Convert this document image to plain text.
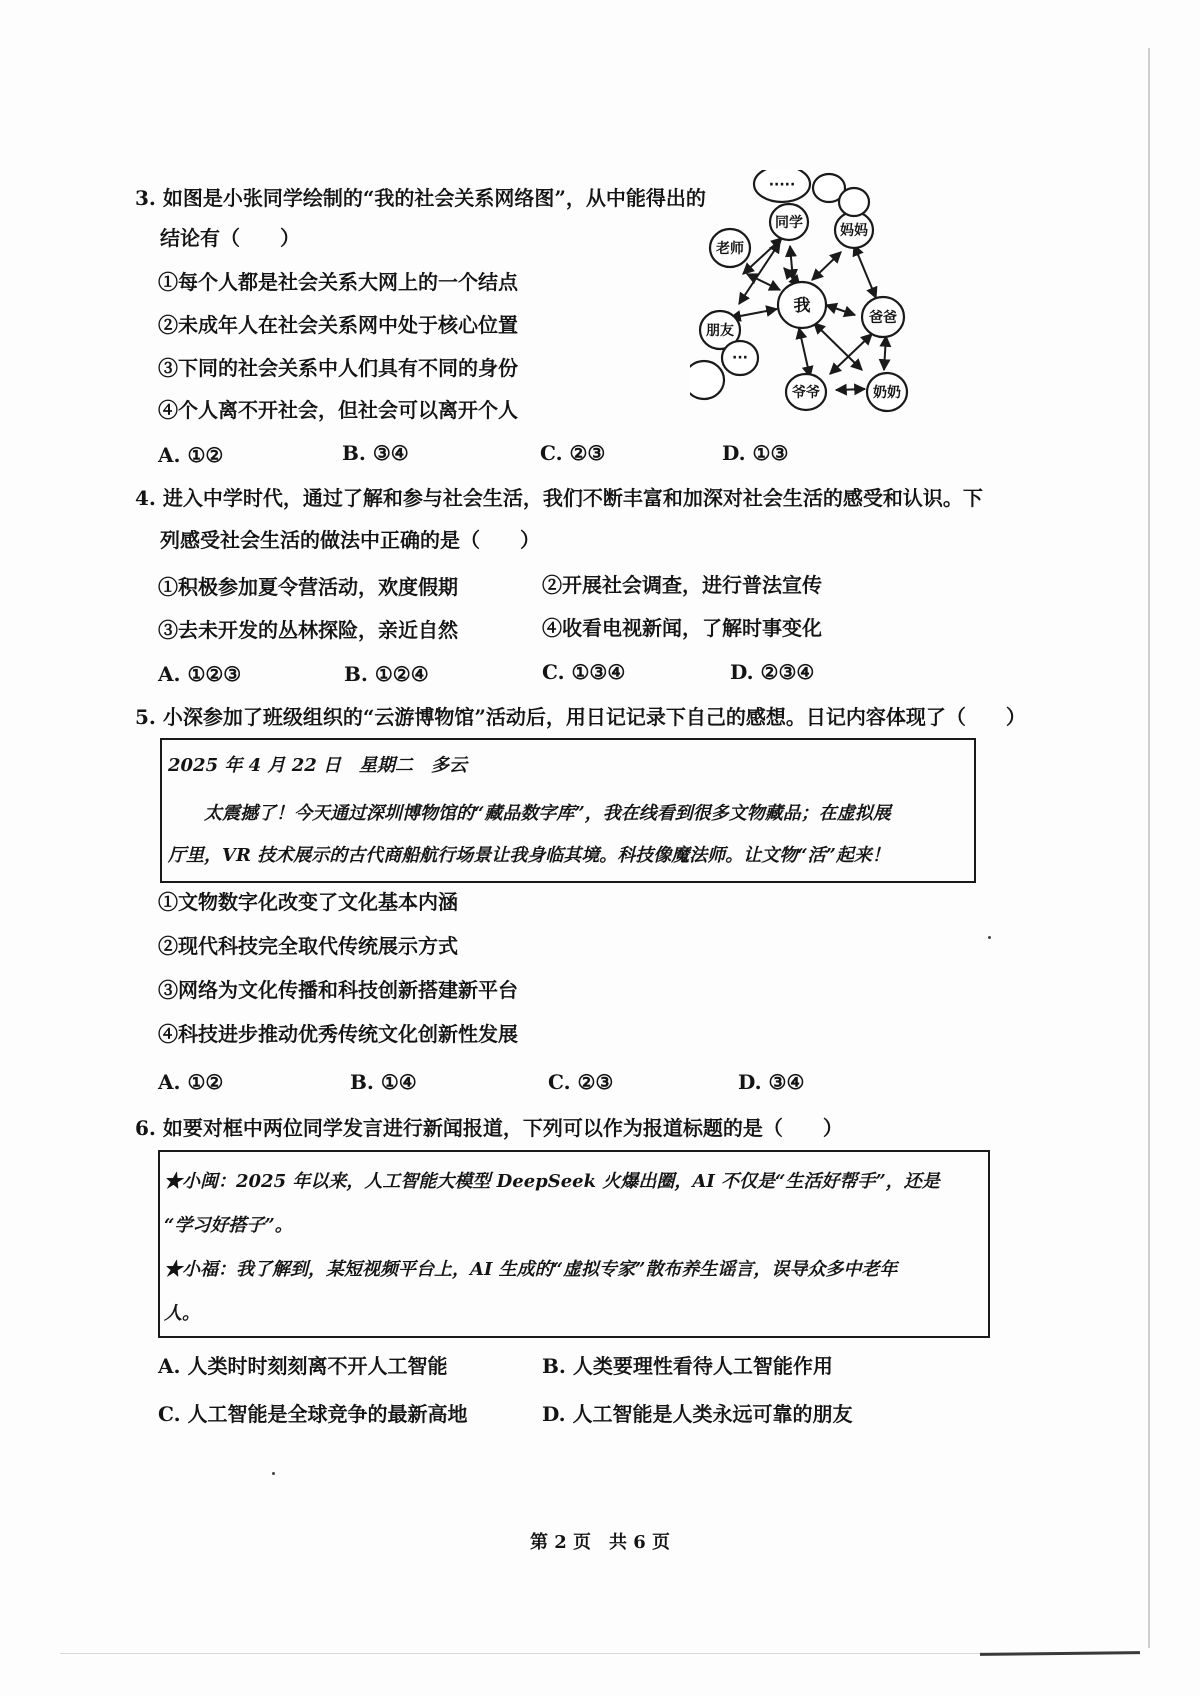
3. 如图是小张同学绘制的“我的社会关系网络图”，从中能得出的
结论有（　　）
①每个人都是社会关系大网上的一个结点
②未成年人在社会关系网中处于核心位置
③下同的社会关系中人们具有不同的身份
④个人离不开社会，但社会可以离开个人
A. ①②	B. ③④	C. ②③	D. ①③
我
同学	妈妈
老师
朋友
爸爸
爷爷	奶奶
·····
···
4. 进入中学时代，通过了解和参与社会生活，我们不断丰富和加深对社会生活的感受和认识。下
列感受社会生活的做法中正确的是（　　）
①积极参加夏令营活动，欢度假期	②开展社会调查，进行普法宣传
③去未开发的丛林探险，亲近自然	④收看电视新闻，了解时事变化
A. ①②③	B. ①②④	C. ①③④	D. ②③④
5. 小深参加了班级组织的“云游博物馆”活动后，用日记记录下自己的感想。日记内容体现了（　　）
2025 年 4 月 22 日　星期二　多云
太震撼了！今天通过深圳博物馆的“藏品数字库”，我在线看到很多文物藏品；在虚拟展
厅里，VR 技术展示的古代商船航行场景让我身临其境。科技像魔法师。让文物“活”起来！
①文物数字化改变了文化基本内涵
②现代科技完全取代传统展示方式
③网络为文化传播和科技创新搭建新平台
④科技进步推动优秀传统文化创新性发展
A. ①②	B. ①④	C. ②③	D. ③④
6. 如要对框中两位同学发言进行新闻报道，下列可以作为报道标题的是（　　）
★小闽：2025 年以来，人工智能大模型 DeepSeek 火爆出圈，AI 不仅是“生活好帮手”，还是
“学习好搭子”。
★小福：我了解到，某短视频平台上，AI 生成的“虚拟专家”散布养生谣言，误导众多中老年
人。
A. 人类时时刻刻离不开人工智能	B. 人类要理性看待人工智能作用
C. 人工智能是全球竞争的最新高地	D. 人工智能是人类永远可靠的朋友
第 2 页　共 6 页
